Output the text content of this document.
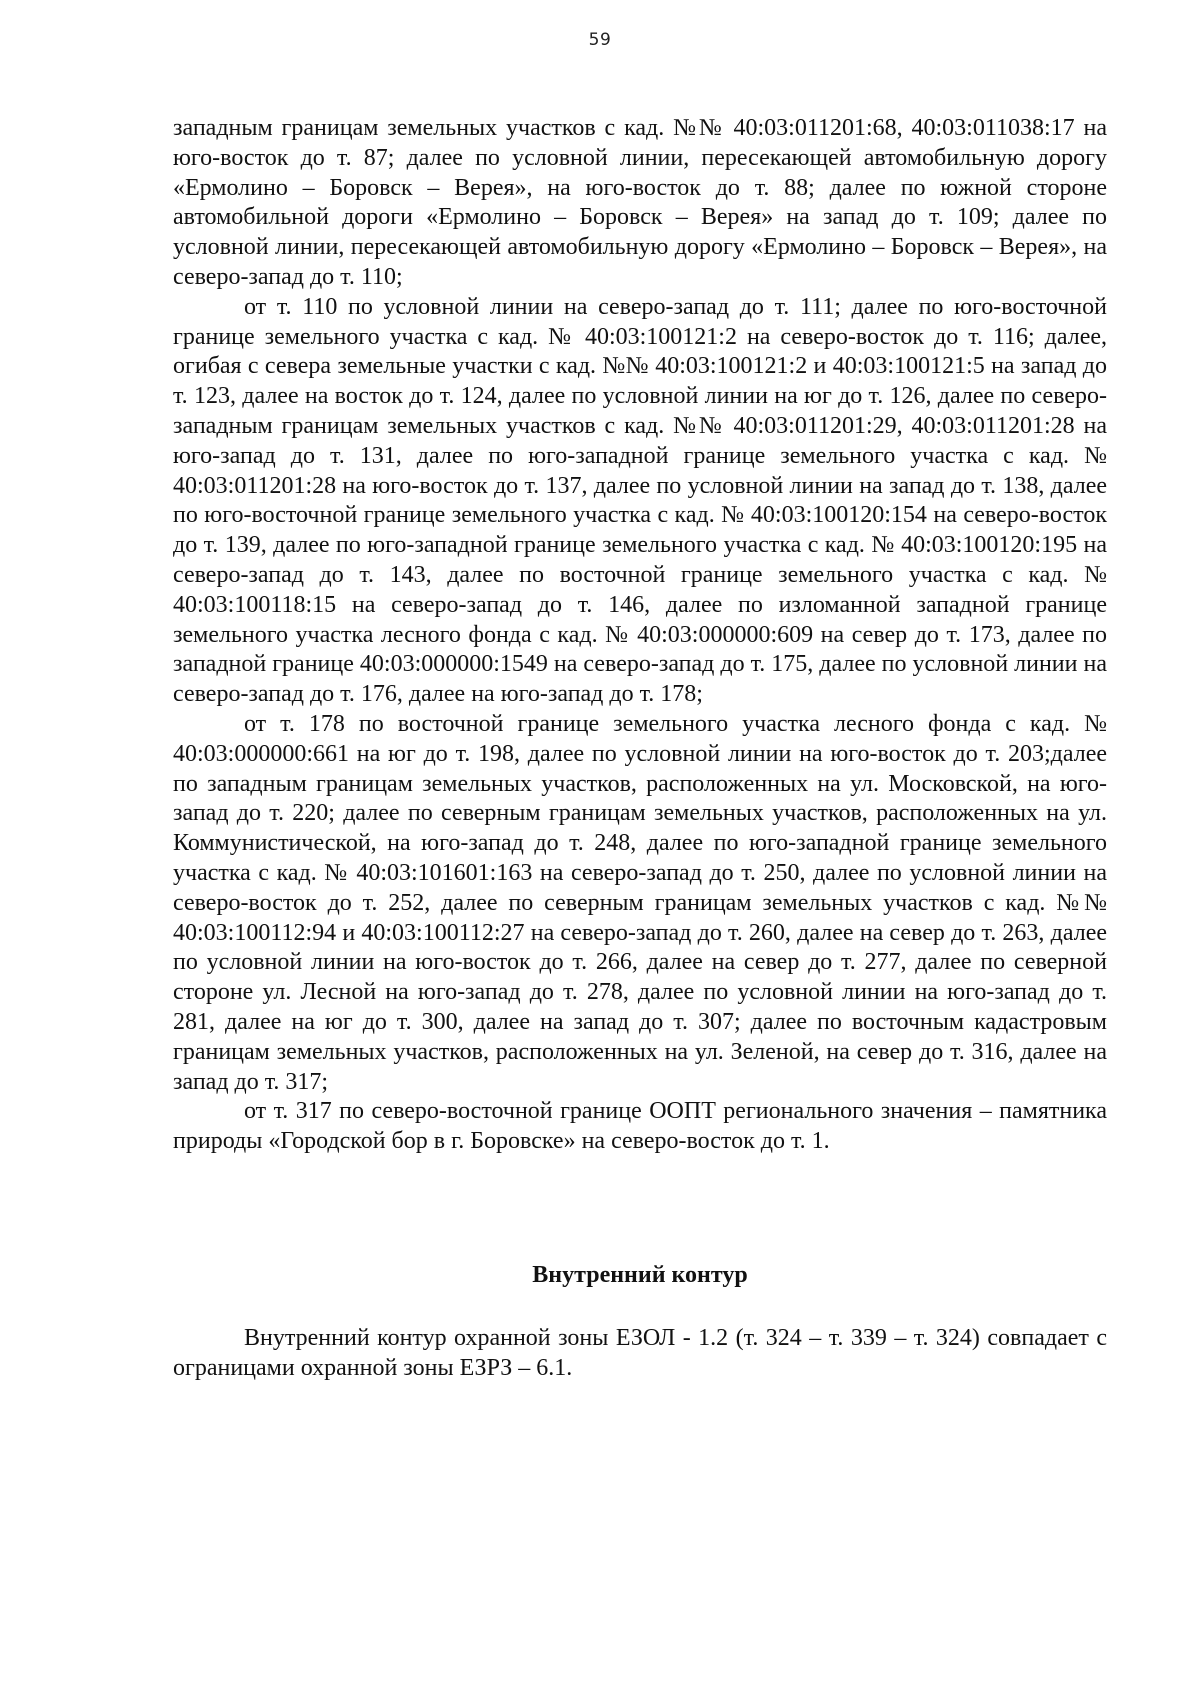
59

западным границам земельных участков с кад. №№ 40:03:011201:68, 40:03:011038:17 на юго-восток до т. 87; далее по условной линии, пересекающей автомобильную дорогу «Ермолино – Боровск – Верея», на юго-восток до т. 88; далее по южной стороне автомобильной дороги «Ермолино – Боровск – Верея» на запад до т. 109; далее по условной линии, пересекающей автомобильную дорогу «Ермолино – Боровск – Верея», на северо-запад до т. 110;

от т. 110 по условной линии на северо-запад до т. 111; далее по юго-восточной границе земельного участка с кад. № 40:03:100121:2 на северо-восток до т. 116; далее, огибая с севера земельные участки с кад. №№ 40:03:100121:2 и 40:03:100121:5 на запад до т. 123, далее на восток до т. 124, далее по условной линии на юг до т. 126, далее по северо-западным границам земельных участков с кад. №№ 40:03:011201:29, 40:03:011201:28 на юго-запад до т. 131, далее по юго-западной границе земельного участка с кад. № 40:03:011201:28 на юго-восток до т. 137, далее по условной линии на запад до т. 138, далее по юго-восточной границе земельного участка с кад. № 40:03:100120:154 на северо-восток до т. 139, далее по юго-западной границе земельного участка с кад. № 40:03:100120:195 на северо-запад до т. 143, далее по восточной границе земельного участка с кад. № 40:03:100118:15 на северо-запад до т. 146, далее по изломанной западной границе земельного участка лесного фонда с кад. № 40:03:000000:609 на север до т. 173, далее по западной границе 40:03:000000:1549 на северо-запад до т. 175, далее по условной линии на северо-запад до т. 176, далее на юго-запад до т. 178;

от т. 178 по восточной границе земельного участка лесного фонда с кад. № 40:03:000000:661 на юг до т. 198, далее по условной линии на юго-восток до т. 203;далее по западным границам земельных участков, расположенных на ул. Московской, на юго-запад до т. 220; далее по северным границам земельных участков, расположенных на ул. Коммунистической, на юго-запад до т. 248, далее по юго-западной границе земельного участка с кад. № 40:03:101601:163 на северо-запад до т. 250, далее по условной линии на северо-восток до т. 252, далее по северным границам земельных участков с кад. №№ 40:03:100112:94 и 40:03:100112:27 на северо-запад до т. 260, далее на север до т. 263, далее по условной линии на юго-восток до т. 266, далее на север до т. 277, далее по северной стороне ул. Лесной на юго-запад до т. 278, далее по условной линии на юго-запад до т. 281, далее на юг до т. 300, далее на запад до т. 307; далее по восточным кадастровым границам земельных участков, расположенных на ул. Зеленой, на север до т. 316, далее на запад до т. 317;

от т. 317 по северо-восточной границе ООПТ регионального значения – памятника природы «Городской бор в г. Боровске» на северо-восток до т. 1.

Внутренний контур

Внутренний контур охранной зоны ЕЗОЛ - 1.2 (т. 324 – т. 339 – т. 324) совпадает с ограницами охранной зоны ЕЗРЗ – 6.1.
